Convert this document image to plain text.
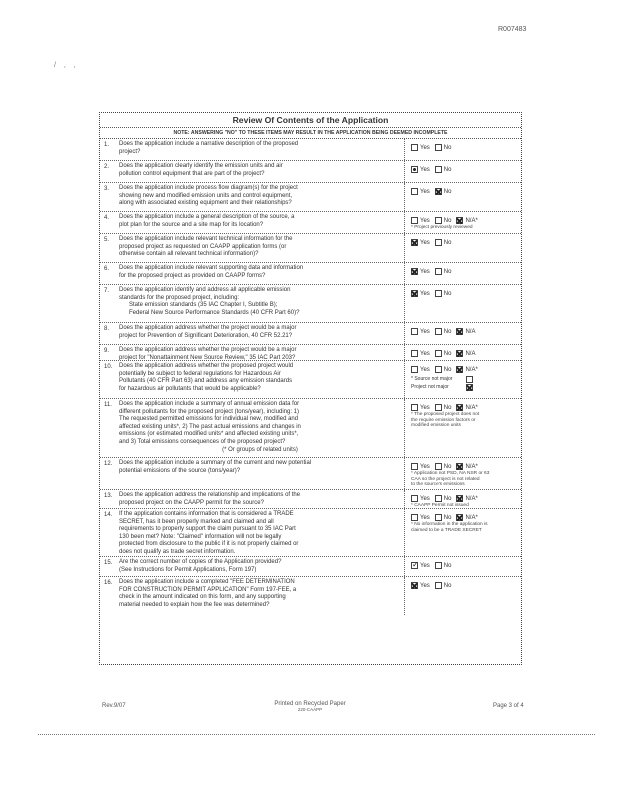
R007483
/ , ,
Review Of Contents of the Application
NOTE: ANSWERING "NO" TO THESE ITEMS MAY RESULT IN THE APPLICATION BEING DEEMED INCOMPLETE
1.	Does the application include a narrative description of the proposed
project?
Yes No
2.	Does the application clearly identify the emission units and air
pollution control equipment that are part of the project?
Yes No
3.	Does the application include process flow diagram(s) for the project
showing new and modified emission units and control equipment,
along with associated existing equipment and their relationships?
Yes No
4.	Does the application include a general description of the source, a
plot plan for the source and a site map for its location?
Yes No N/A*
* Project previously reviewed
5.	Does the application include relevant technical information for the
proposed project as requested on CAAPP application forms (or
otherwise contain all relevant technical information)?
Yes No
6.	Does the application include relevant supporting data and information
for the proposed project as provided on CAAPP forms?
Yes No
7.	Does the application identify and address all applicable emission
standards for the proposed project, including:
State emission standards (35 IAC Chapter I, Subtitle B);
Federal New Source Performance Standards (40 CFR Part 60)?
Yes No
8.	Does the application address whether the project would be a major
project for Prevention of Significant Deterioration, 40 CFR 52.21?
Yes No N/A
9.	Does the application address whether the project would be a major
project for "Nonattainment New Source Review," 35 IAC Part 203?
Yes No N/A
10.	Does the application address whether the proposed project would
potentially be subject to federal regulations for Hazardous Air
Pollutants (40 CFR Part 63) and address any emission standards
for hazardous air pollutants that would be applicable?
Yes No N/A*
* Source not major
Project not major
11.	Does the application include a summary of annual emission data for
different pollutants for the proposed project (tons/year), including: 1)
The requested permitted emissions for individual new, modified and
affected existing units*, 2) The past actual emissions and changes in
emissions (or estimated modified units* and affected existing units*,
and 3) Total emissions consequences of the proposed project?
(* Or groups of related units)
Yes No N/A*
* The proposed project does not
the require emission factors or
modified emission units
12.	Does the application include a summary of the current and new potential
potential emissions of the source (tons/year)?
Yes No N/A*
* Application not PSD, NA NSR or 63
CAA so the project is not related
to the source's emissions
13.	Does the application address the relationship and implications of the
proposed project on the CAAPP permit for the source?
Yes No N/A*
* CAAPP Permit not issued
14.	If the application contains information that is considered a TRADE
SECRET, has it been properly marked and claimed and all
requirements to properly support the claim pursuant to 35 IAC Part
130 been met? Note: "Claimed" information will not be legally
protected from disclosure to the public if it is not properly claimed or
does not qualify as trade secret information.
Yes No N/A*
* No information in the application is
claimed to be a TRADE SECRET
15.	Are the correct number of copies of the Application provided?
(See Instructions for Permit Applications, Form 197)
✓
Yes No
16.	Does the application include a completed "FEE DETERMINATION
FOR CONSTRUCTION PERMIT APPLICATION" Form 197-FEE, a
check in the amount indicated on this form, and any supporting
material needed to explain how the fee was determined?
Yes No
Rev.9/07	Printed on Recycled Paper
220-CAAPP
Page 3 of 4
